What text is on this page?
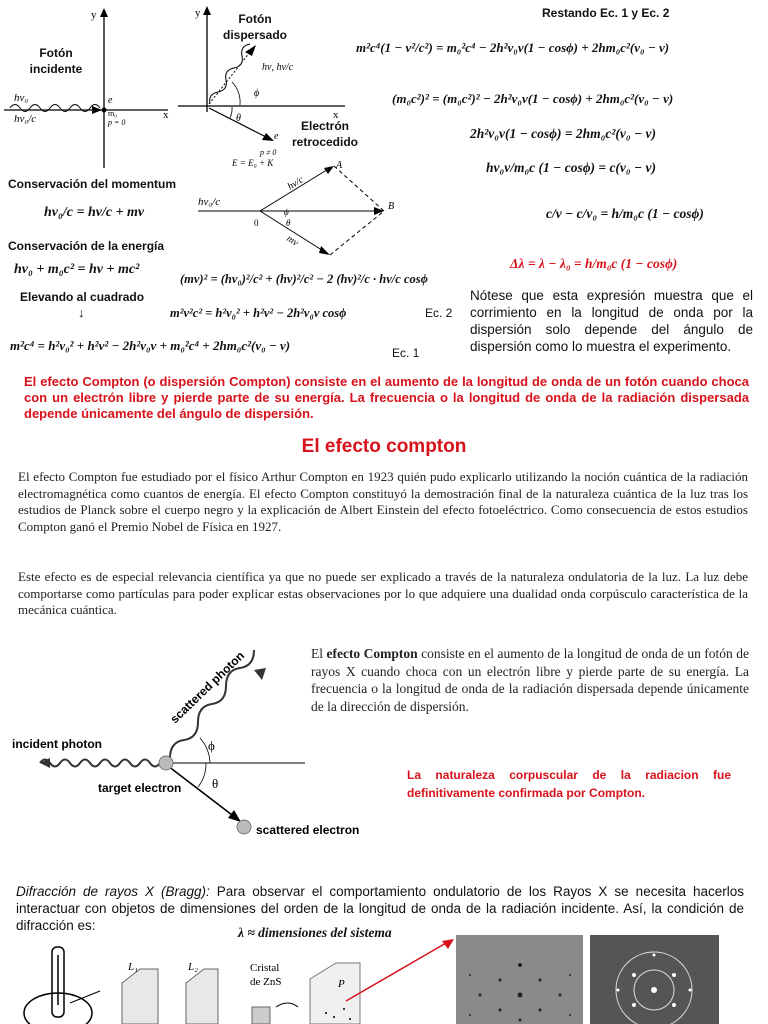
y
x
hν₀
hν₀/c
e
m₀
p = 0
y
x
hν, hν/c
ϕ
θ
e
p ≠ 0
E = E₀ + K
Fotón
incidente
Fotón
dispersado
Electrón
retrocedido
hν₀/c
A
B
0
ϕ
θ
hν/c
mv
Conservación del momentum
hν₀/c = hν/c + mv
Conservación de la energía
hν₀ + m₀c² = hν + mc²
Elevando al cuadrado
↓
(mv)² = (hν₀)²/c² + (hν)²/c² − 2 (hν)²/c · hν/c cosϕ
m²v²c² = h²ν₀² + h²ν² − 2h²ν₀ν cosϕ	Ec. 2
m²c⁴ = h²ν₀² + h²ν² − 2h²ν₀ν + m₀²c⁴ + 2hm₀c²(ν₀ − ν)	Ec. 1
Restando Ec. 1 y Ec. 2
m²c⁴(1 − v²/c²) = m₀²c⁴ − 2h²ν₀ν(1 − cosϕ) + 2hm₀c²(ν₀ − ν)
(m₀c²)² = (m₀c²)² − 2h²ν₀ν(1 − cosϕ) + 2hm₀c²(ν₀ − ν)
2h²ν₀ν(1 − cosϕ) = 2hm₀c²(ν₀ − ν)
hν₀ν/m₀c (1 − cosϕ) = c(ν₀ − ν)
c/ν − c/ν₀ = h/m₀c (1 − cosϕ)
Δλ = λ − λ₀ = h/m₀c (1 − cosϕ)
Nótese que esta expresión muestra que el corrimiento en la longitud de onda por la dispersión solo depende del ángulo de dispersión como lo muestra el experimento.
El efecto Compton (o dispersión Compton) consiste en el aumento de la longitud de onda de un fotón cuando choca con un electrón libre y pierde parte de su energía. La frecuencia o la longitud de onda de la radiación dispersada depende únicamente del ángulo de dispersión.
El efecto compton
El efecto Compton fue estudiado por el físico Arthur Compton en 1923 quién pudo explicarlo utilizando la noción cuántica de la radiación electromagnética como cuantos de energía. El efecto Compton constituyó la demostración final de la naturaleza cuántica de la luz tras los estudios de Planck sobre el cuerpo negro y la explicación de Albert Einstein del efecto fotoeléctrico. Como consecuencia de estos estudios Compton ganó el Premio Nobel de Física en 1927.
Este efecto es de especial relevancia científica ya que no puede ser explicado a través de la naturaleza ondulatoria de la luz. La luz debe comportarse como partículas para poder explicar estas observaciones por lo que adquiere una dualidad onda corpúsculo característica de la mecánica cuántica.
ϕ
θ
scattered photon
incident photon
target electron
scattered electron
El efecto Compton consiste en el aumento de la longitud de onda de un fotón de rayos X cuando choca con un electrón libre y pierde parte de su energía. La frecuencia o la longitud de onda de la radiación dispersada depende únicamente de la dirección de dispersión.
La naturaleza corpuscular de la radiacion fue definitivamente confirmada por Compton.
Difracción de rayos X (Bragg): Para observar el comportamiento ondulatorio de los Rayos X se necesita hacerlos interactuar con objetos de dimensiones del orden de la longitud de onda de la radiación incidente. Así, la condición de difracción es:	λ ≈ dimensiones del sistema
L₁	L₂	Cristal
de ZnS	P
